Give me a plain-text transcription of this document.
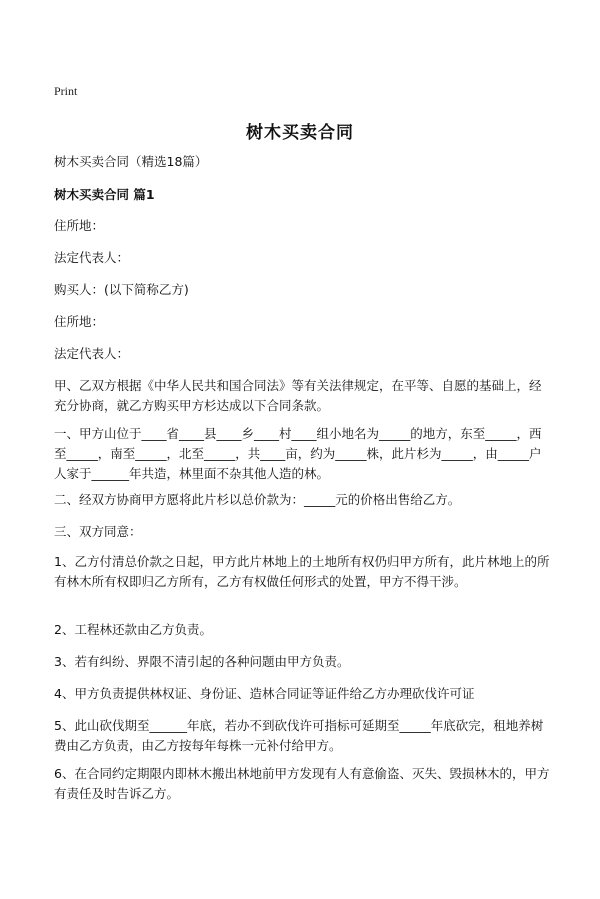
Print
树木买卖合同
树木买卖合同（精选18篇）
树木买卖合同 篇1
住所地：
法定代表人：
购买人：(以下简称乙方)
住所地：
法定代表人：
甲、乙双方根据《中华人民共和国合同法》等有关法律规定，在平等、自愿的基础上，经充分协商，就乙方购买甲方杉达成以下合同条款。
一、甲方山位于____省____县____乡____村____组小地名为_____的地方，东至_____，西至_____，南至_____，北至_____，共____亩，约为_____株，此片杉为_____，由_____户人家于______年共造，林里面不杂其他人造的林。
二、经双方协商甲方愿将此片杉以总价款为：_____元的价格出售给乙方。
三、双方同意：
1、乙方付清总价款之日起，甲方此片林地上的土地所有权仍归甲方所有，此片林地上的所有林木所有权即归乙方所有，乙方有权做任何形式的处置，甲方不得干涉。
2、工程林还款由乙方负责。
3、若有纠纷、界限不清引起的各种问题由甲方负责。
4、甲方负责提供林权证、身份证、造林合同证等证件给乙方办理砍伐许可证
5、此山砍伐期至______年底，若办不到砍伐许可指标可延期至_____年底砍完，租地养树费由乙方负责，由乙方按每年每株一元补付给甲方。
6、在合同约定期限内即林木搬出林地前甲方发现有人有意偷盗、灭失、毁损林木的，甲方有责任及时告诉乙方。
